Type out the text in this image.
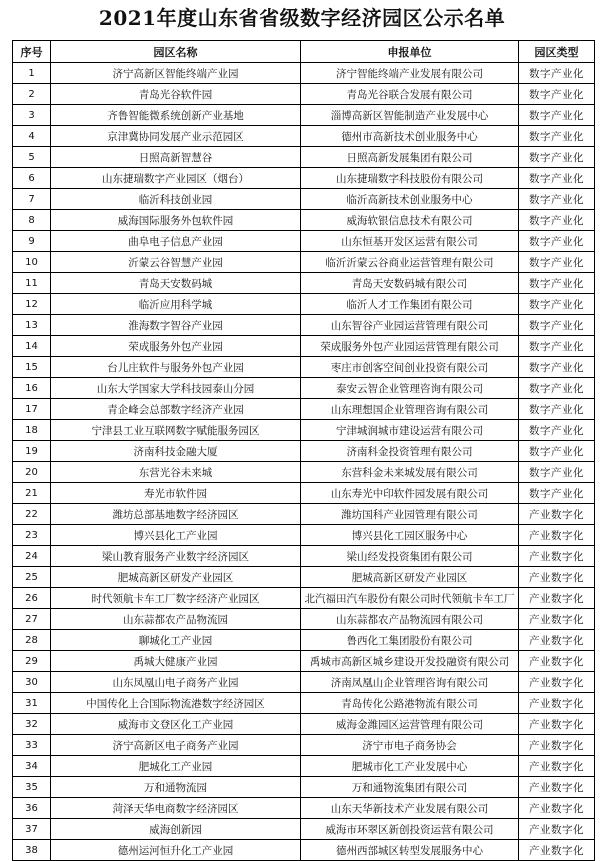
2021年度山东省省级数字经济园区公示名单
序号	园区名称	申报单位	园区类型
1	济宁高新区智能终端产业园	济宁智能终端产业发展有限公司	数字产业化
2	青岛光谷软件园	青岛光谷联合发展有限公司	数字产业化
3	齐鲁智能微系统创新产业基地	淄博高新区智能制造产业发展中心	数字产业化
4	京津冀协同发展产业示范园区	德州市高新技术创业服务中心	数字产业化
5	日照高新智慧谷	日照高新发展集团有限公司	数字产业化
6	山东捷瑞数字产业园区（烟台）	山东捷瑞数字科技股份有限公司	数字产业化
7	临沂科技创业园	临沂高新技术创业服务中心	数字产业化
8	威海国际服务外包软件园	威海软银信息技术有限公司	数字产业化
9	曲阜电子信息产业园	山东恒基开发区运营有限公司	数字产业化
10	沂蒙云谷智慧产业园	临沂沂蒙云谷商业运营管理有限公司	数字产业化
11	青岛天安数码城	青岛天安数码城有限公司	数字产业化
12	临沂应用科学城	临沂人才工作集团有限公司	数字产业化
13	淮海数字智谷产业园	山东智谷产业园运营管理有限公司	数字产业化
14	荣成服务外包产业园	荣成服务外包产业园运营管理有限公司	数字产业化
15	台儿庄软件与服务外包产业园	枣庄市创客空间创业投资有限公司	数字产业化
16	山东大学国家大学科技园泰山分园	泰安云智企业管理咨询有限公司	数字产业化
17	青企峰会总部数字经济产业园	山东理想国企业管理咨询有限公司	数字产业化
18	宁津县工业互联网数字赋能服务园区	宁津城润城市建设运营有限公司	数字产业化
19	济南科技金融大厦	济南科金投资管理有限公司	数字产业化
20	东营光谷未来城	东营科金未来城发展有限公司	数字产业化
21	寿光市软件园	山东寿光中印软件园发展有限公司	数字产业化
22	潍坊总部基地数字经济园区	潍坊国科产业园管理有限公司	产业数字化
23	博兴县化工产业园	博兴县化工园区服务中心	产业数字化
24	梁山教育服务产业数字经济园区	梁山经发投资集团有限公司	产业数字化
25	肥城高新区研发产业园区	肥城高新区研发产业园区	产业数字化
26	时代领航卡车工厂数字经济产业园区	北汽福田汽车股份有限公司时代领航卡车工厂	产业数字化
27	山东蒜都农产品物流园	山东蒜都农产品物流园有限公司	产业数字化
28	聊城化工产业园	鲁西化工集团股份有限公司	产业数字化
29	禹城大健康产业园	禹城市高新区城乡建设开发投融资有限公司	产业数字化
30	山东凤凰山电子商务产业园	济南凤凰山企业管理咨询有限公司	产业数字化
31	中国传化上合国际物流港数字经济园区	青岛传化公路港物流有限公司	产业数字化
32	威海市文登区化工产业园	威海金潍园区运营管理有限公司	产业数字化
33	济宁高新区电子商务产业园	济宁市电子商务协会	产业数字化
34	肥城化工产业园	肥城市化工产业发展中心	产业数字化
35	万和通物流园	万和通物流集团有限公司	产业数字化
36	菏泽天华电商数字经济园区	山东天华新技术产业发展有限公司	产业数字化
37	威海创新园	威海市环翠区新创投资运营有限公司	产业数字化
38	德州运河恒升化工产业园	德州西部城区转型发展服务中心	产业数字化
